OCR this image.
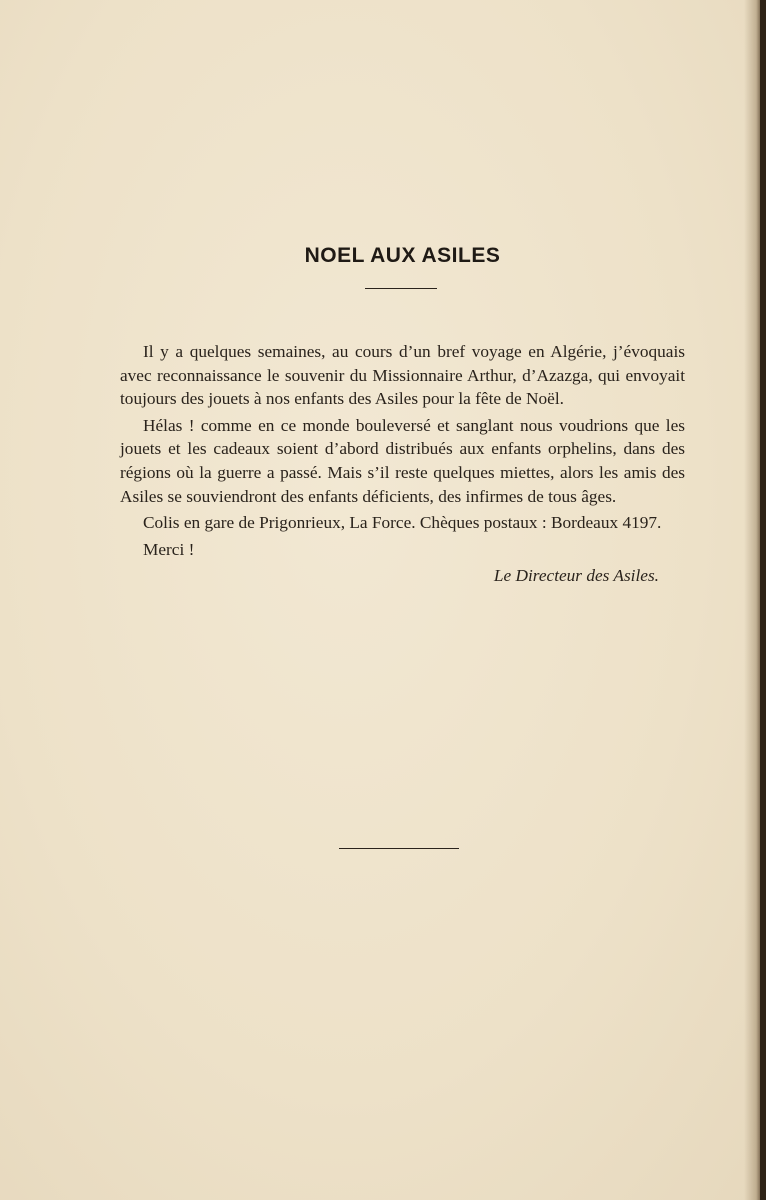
NOEL AUX ASILES

Il y a quelques semaines, au cours d’un bref voyage en Algérie, j’évoquais avec reconnaissance le souvenir du Missionnaire Arthur, d’Azazga, qui envoyait toujours des jouets à nos enfants des Asiles pour la fête de Noël.

Hélas ! comme en ce monde bouleversé et sanglant nous voudrions que les jouets et les cadeaux soient d’abord distribués aux enfants orphelins, dans des régions où la guerre a passé. Mais s’il reste quelques miettes, alors les amis des Asiles se souviendront des enfants déficients, des infirmes de tous âges.

Colis en gare de Prigonrieux, La Force. Chèques postaux : Bordeaux 4197.

Merci !

Le Directeur des Asiles.
